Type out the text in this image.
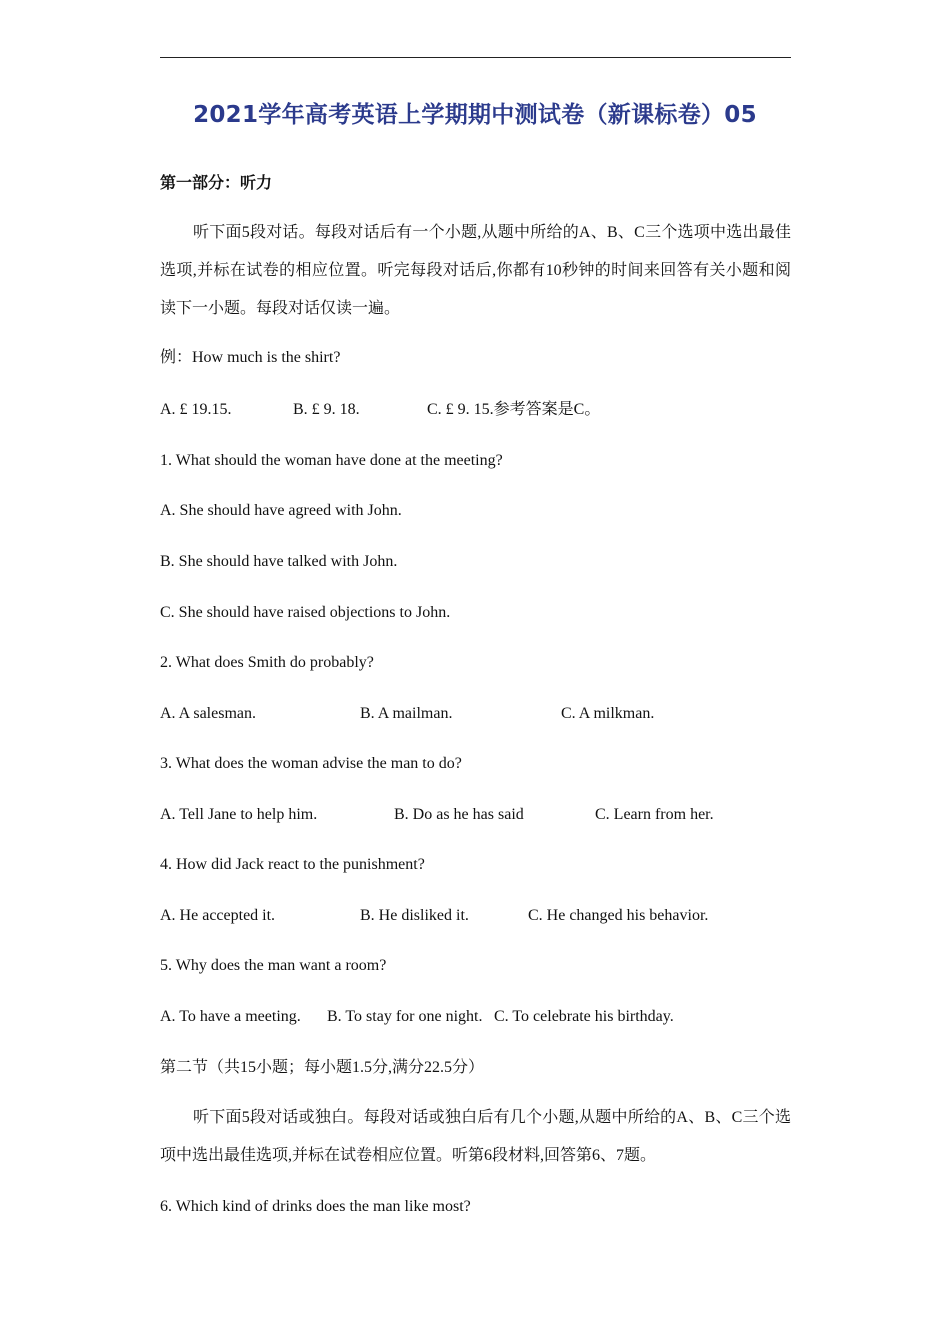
2021学年高考英语上学期期中测试卷（新课标卷）05
第一部分：听力
听下面5段对话。每段对话后有一个小题,从题中所给的A、B、C三个选项中选出最佳选项,并标在试卷的相应位置。听完每段对话后,你都有10秒钟的时间来回答有关小题和阅读下一小题。每段对话仅读一遍。
例：How much is the shirt?
A. £ 19.15.	B. £ 9. 18.	C. £ 9. 15.参考答案是C。
1. What should the woman have done at the meeting?
A. She should have agreed with John.
B. She should have talked with John.
C. She should have raised objections to John.
2. What does Smith do probably?
A. A salesman.	B. A mailman.	C. A milkman.
3. What does the woman advise the man to do?
A. Tell Jane to help him.	B. Do as he has said	C. Learn from her.
4. How did Jack react to the punishment?
A. He accepted it.	B. He disliked it.	C. He changed his behavior.
5. Why does the man want a room?
A. To have a meeting. B. To stay for one night. C. To celebrate his birthday.
第二节（共15小题；每小题1.5分,满分22.5分）
听下面5段对话或独白。每段对话或独白后有几个小题,从题中所给的A、B、C三个选项中选出最佳选项,并标在试卷相应位置。听第6段材料,回答第6、7题。
6. Which kind of drinks does the man like most?
